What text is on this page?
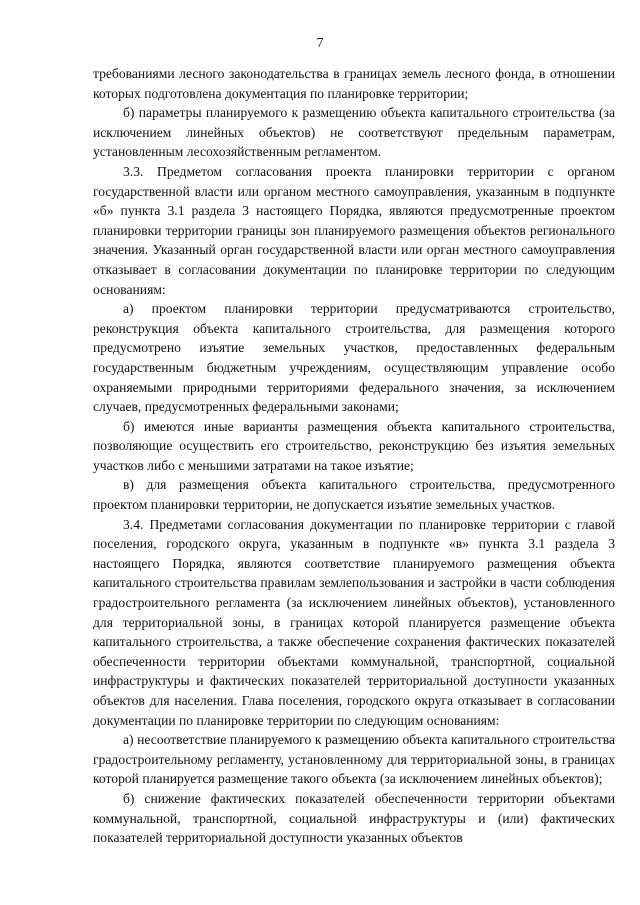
7

требованиями лесного законодательства в границах земель лесного фонда, в отношении которых подготовлена документация по планировке территории;

б) параметры планируемого к размещению объекта капитального строительства (за исключением линейных объектов) не соответствуют предельным параметрам, установленным лесохозяйственным регламентом.

3.3. Предметом согласования проекта планировки территории с органом государственной власти или органом местного самоуправления, указанным в подпункте «б» пункта 3.1 раздела 3 настоящего Порядка, являются предусмотренные проектом планировки территории границы зон планируемого размещения объектов регионального значения. Указанный орган государственной власти или орган местного самоуправления отказывает в согласовании документации по планировке территории по следующим основаниям:

а) проектом планировки территории предусматриваются строительство, реконструкция объекта капитального строительства, для размещения которого предусмотрено изъятие земельных участков, предоставленных федеральным государственным бюджетным учреждениям, осуществляющим управление особо охраняемыми природными территориями федерального значения, за исключением случаев, предусмотренных федеральными законами;

б) имеются иные варианты размещения объекта капитального строительства, позволяющие осуществить его строительство, реконструкцию без изъятия земельных участков либо с меньшими затратами на такое изъятие;

в) для размещения объекта капитального строительства, предусмотренного проектом планировки территории, не допускается изъятие земельных участков.

3.4. Предметами согласования документации по планировке территории с главой поселения, городского округа, указанным в подпункте «в» пункта 3.1 раздела 3 настоящего Порядка, являются соответствие планируемого размещения объекта капитального строительства правилам землепользования и застройки в части соблюдения градостроительного регламента (за исключением линейных объектов), установленного для территориальной зоны, в границах которой планируется размещение объекта капитального строительства, а также обеспечение сохранения фактических показателей обеспеченности территории объектами коммунальной, транспортной, социальной инфраструктуры и фактических показателей территориальной доступности указанных объектов для населения. Глава поселения, городского округа отказывает в согласовании документации по планировке территории по следующим основаниям:

а) несоответствие планируемого к размещению объекта капитального строительства градостроительному регламенту, установленному для территориальной зоны, в границах которой планируется размещение такого объекта (за исключением линейных объектов);

б) снижение фактических показателей обеспеченности территории объектами коммунальной, транспортной, социальной инфраструктуры и (или) фактических показателей территориальной доступности указанных объектов
